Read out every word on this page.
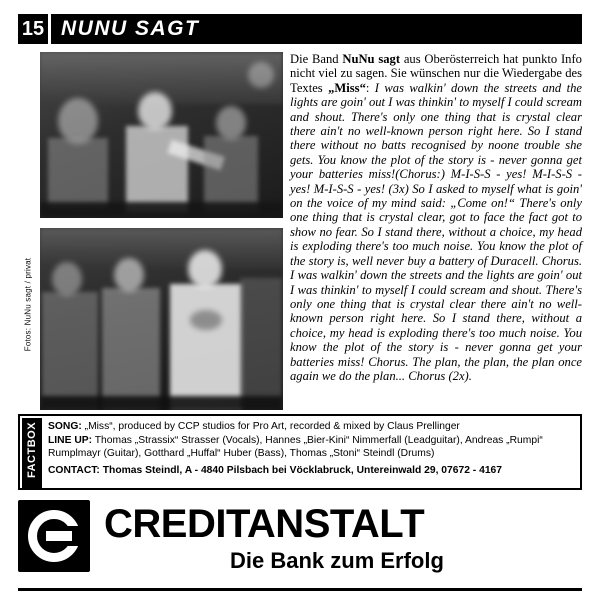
15 NUNU SAGT
Fotos: NuNu sagt / privat

Die Band NuNu sagt aus Oberösterreich hat punkto Info nicht viel zu sagen. Sie wünschen nur die Wiedergabe des Textes „Miss“: I was walkin' down the streets and the lights are goin' out I was thinkin' to myself I could scream and shout. There's only one thing that is crystal clear there ain't no well-known person right here. So I stand there without no batts recognised by noone trouble she gets. You know the plot of the story is - never gonna get your batteries miss!(Chorus:) M-I-S-S - yes! M-I-S-S - yes! M-I-S-S - yes! (3x) So I asked to myself what is goin' on the voice of my mind said: „Come on!“ There's only one thing that is crystal clear, got to face the fact got to show no fear. So I stand there, without a choice, my head is exploding there's too much noise. You know the plot of the story is, well never buy a battery of Duracell. Chorus. I was walkin' down the streets and the lights are goin' out I was thinkin' to myself I could scream and shout. There's only one thing that is crystal clear there ain't no well-known person right here. So I stand there, without a choice, my head is exploding there's too much noise. You know the plot of the story is - never gonna get your batteries miss! Chorus. The plan, the plan, the plan once again we do the plan... Chorus (2x).

FACTBOX SONG: „Miss“, produced by CCP studios for Pro Art, recorded & mixed by Claus Prellinger
LINE UP: Thomas „Strassix“ Strasser (Vocals), Hannes „Bier-Kini“ Nimmerfall (Leadguitar), Andreas „Rumpi“ Rumplmayr (Guitar), Gotthard „Huffal“ Huber (Bass), Thomas „Stoni“ Steindl (Drums)
CONTACT: Thomas Steindl, A - 4840 Pilsbach bei Vöcklabruck, Untereinwald 29, 07672 - 4167
CREDITANSTALT
Die Bank zum Erfolg
